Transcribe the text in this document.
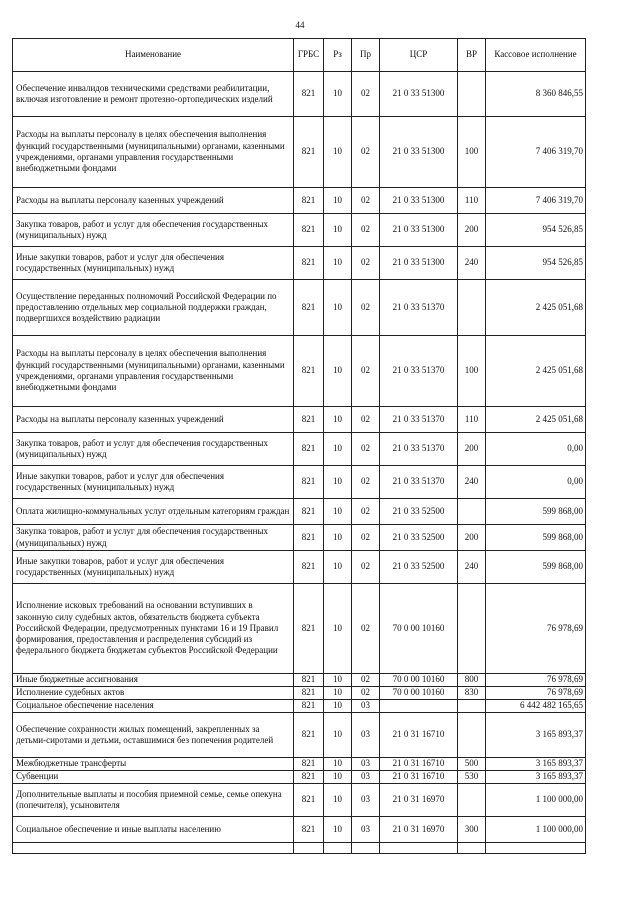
44
Наименование	ГРБС	Рз	Пр	ЦСР	ВР	Кассовое исполнение
Обеспечение инвалидов техническими средствами реабилитации, включая изготовление и ремонт протезно-ортопедических изделий	821	10	02	21 0 33 51300		8 360 846,55
Расходы на выплаты персоналу в целях обеспечения выполнения функций государственными (муниципальными) органами, казенными учреждениями, органами управления государственными внебюджетными фондами	821	10	02	21 0 33 51300	100	7 406 319,70
Расходы на выплаты персоналу казенных учреждений	821	10	02	21 0 33 51300	110	7 406 319,70
Закупка товаров, работ и услуг для обеспечения государственных (муниципальных) нужд	821	10	02	21 0 33 51300	200	954 526,85
Иные закупки товаров, работ и услуг для обеспечения государственных (муниципальных) нужд	821	10	02	21 0 33 51300	240	954 526,85
Осуществление переданных полномочий Российской Федерации по предоставлению отдельных мер социальной поддержки граждан, подвергшихся воздействию радиации	821	10	02	21 0 33 51370		2 425 051,68
Расходы на выплаты персоналу в целях обеспечения выполнения функций государственными (муниципальными) органами, казенными учреждениями, органами управления государственными внебюджетными фондами	821	10	02	21 0 33 51370	100	2 425 051,68
Расходы на выплаты персоналу казенных учреждений	821	10	02	21 0 33 51370	110	2 425 051,68
Закупка товаров, работ и услуг для обеспечения государственных (муниципальных) нужд	821	10	02	21 0 33 51370	200	0,00
Иные закупки товаров, работ и услуг для обеспечения государственных (муниципальных) нужд	821	10	02	21 0 33 51370	240	0,00
Оплата жилищно-коммунальных услуг отдельным категориям граждан	821	10	02	21 0 33 52500		599 868,00
Закупка товаров, работ и услуг для обеспечения государственных (муниципальных) нужд	821	10	02	21 0 33 52500	200	599 868,00
Иные закупки товаров, работ и услуг для обеспечения государственных (муниципальных) нужд	821	10	02	21 0 33 52500	240	599 868,00
Исполнение исковых требований на основании вступивших в законную силу судебных актов, обязательств бюджета субъекта Российской Федерации, предусмотренных пунктами 16 и 19 Правил формирования, предоставления и распределения субсидий из федерального бюджета бюджетам субъектов Российской Федерации	821	10	02	70 0 00 10160		76 978,69
Иные бюджетные ассигнования	821	10	02	70 0 00 10160	800	76 978,69
Исполнение судебных актов	821	10	02	70 0 00 10160	830	76 978,69
Социальное обеспечение населения	821	10	03			6 442 482 165,65
Обеспечение сохранности жилых помещений, закрепленных за детьми-сиротами и детьми, оставшимися без попечения родителей	821	10	03	21 0 31 16710		3 165 893,37
Межбюджетные трансферты	821	10	03	21 0 31 16710	500	3 165 893,37
Субвенции	821	10	03	21 0 31 16710	530	3 165 893,37
Дополнительные выплаты и пособия приемной семье, семье опекуна (попечителя), усыновителя	821	10	03	21 0 31 16970		1 100 000,00
Социальное обеспечение и иные выплаты населению	821	10	03	21 0 31 16970	300	1 100 000,00
